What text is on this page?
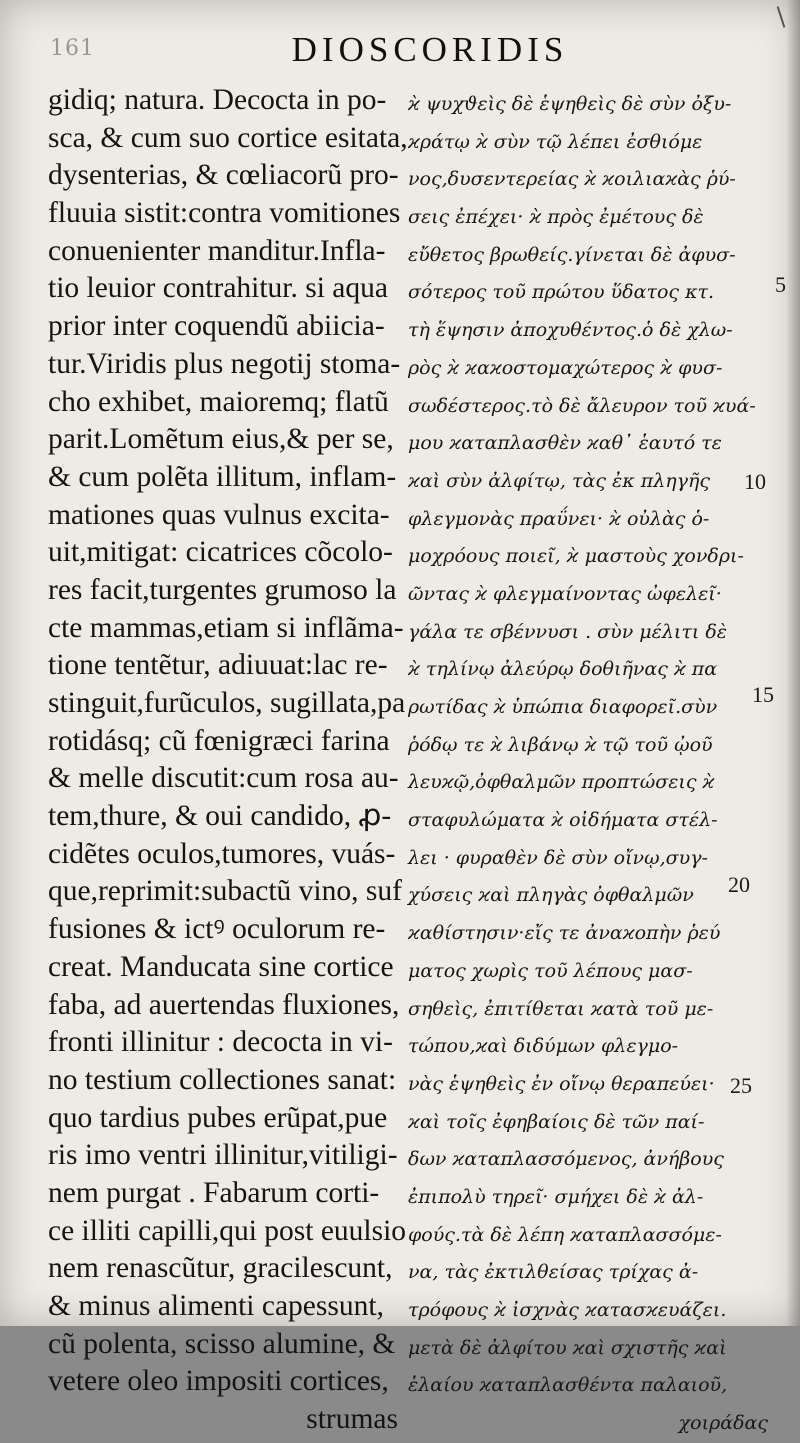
161	DIOSCORIDIS
gidiq; natura. Decocta in po-
sca, & cum suo cortice esitata,
dysenterias, & cœliacorũ pro-
fluuia sistit:contra vomitiones
conuenienter manditur.Infla-
tio leuior contrahitur. si aqua
prior inter coquendũ abiicia-
tur.Viridis plus negotij stoma-
cho exhibet, maioremq; flatũ
parit.Lomẽtum eius,& per se,
& cum polẽta illitum, inflam-
mationes quas vulnus excita-
uit,mitigat: cicatrices cõcolo-
res facit,turgentes grumoso la
cte mammas,etiam si inflãma-
tione tentẽtur, adiuuat:lac re-
stinguit,furũculos, sugillata,pa
rotidásq; cũ fœnigræci farina
& melle discutit:cum rosa au-
tem,thure, & oui candido, ꝓ-
cidẽtes oculos,tumores, vuás-
que,reprimit:subactũ vino, suf
fusiones & ictꝰ oculorum re-
creat. Manducata sine cortice
faba, ad auertendas fluxiones,
fronti illinitur : decocta in vi-
no testium collectiones sanat:
quo tardius pubes erũpat,pue
ris imo ventri illinitur,vitiligi-
nem purgat . Fabarum corti-
ce illiti capilli,qui post euulsio
nem renascũtur, gracilescunt,
& minus alimenti capessunt,
cũ polenta, scisso alumine, &
vetere oleo impositi cortices,
strumas
ϰ̀ ψυχϑεὶς δὲ ἑψηθεὶς δὲ σὺν ὀξυ-
ϰράτῳ ϰ̀ σὺν τῷ λέπει ἐσθιόμε
νος,δυσεντερείας ϰ̀ ϰοιλιαϰὰς ῥύ-
σεις ἐπέχει· ϰ̀ πρὸς ἐμέτους δὲ
εὔθετος βρωθείς.γίνεται δὲ ἀφυσ-
σότερος τοῦ πρώτου ὕδατος κτ.
τὴ ἕψησιν ἀποχυθέντος.ὁ δὲ χλω-
ρὸς ϰ̀ ϰαϰοστομαχώτερος ϰ̀ φυσ-
σωδέστερος.τὸ δὲ ἄλευρον τοῦ ϰυά-
μου ϰαταπλασθὲν ϰαθ᾽ ἑαυτό τε
ϰαὶ σὺν ἀλφίτῳ, τὰς ἐκ πληγῆς
φλεγμονὰς πραΰνει· ϰ̀ οὐλὰς ὁ-
μοχρόους ποιεῖ, ϰ̀ μαστοὺς χονδρι-
ῶντας ϰ̀ φλεγμαίνοντας ὠφελεῖ·
γάλα τε σβέννυσι . σὺν μέλιτι δὲ
ϰ̀ τηλίνῳ ἀλεύρῳ δοθιῆνας ϰ̀ πα
ρωτίδας ϰ̀ ὑπώπια διαφορεῖ.σὺν
ῥόδῳ τε ϰ̀ λιβάνῳ ϰ̀ τῷ τοῦ ᾠοῦ
λευϰῷ,ὀφθαλμῶν προπτώσεις ϰ̀
σταφυλώματα ϰ̀ οἰδήματα στέλ-
λει · φυραθὲν δὲ σὺν οἴνῳ,συγ-
χύσεις ϰαὶ πληγὰς ὀφθαλμῶν
ϰαθίστησιν·εἴς τε ἀναϰοπὴν ῥεύ
ματος χωρὶς τοῦ λέπους μασ-
σηθεὶς, ἐπιτίθεται ϰατὰ τοῦ με-
τώπου,ϰαὶ διδύμων φλεγμο-
νὰς ἑψηθεὶς ἐν οἴνῳ θεραπεύει·
ϰαὶ τοῖς ἐφηβαίοις δὲ τῶν παί-
δων ϰαταπλασσόμενος, ἀνήβους
ἐπιπολὺ τηρεῖ· σμήχει δὲ ϰ̀ ἀλ-
φούς.τὰ δὲ λέπη ϰαταπλασσόμε-
να, τὰς ἐκτιλθείσας τρίχας ἀ-
τρόφους ϰ̀ ἰσχνὰς ϰατασϰευάζει.
μετὰ δὲ ἀλφίτου ϰαὶ σχιστῆς ϰαὶ
ἐλαίου ϰαταπλασθέντα παλαιοῦ,
χοιράδας
5
10
15
20
25
